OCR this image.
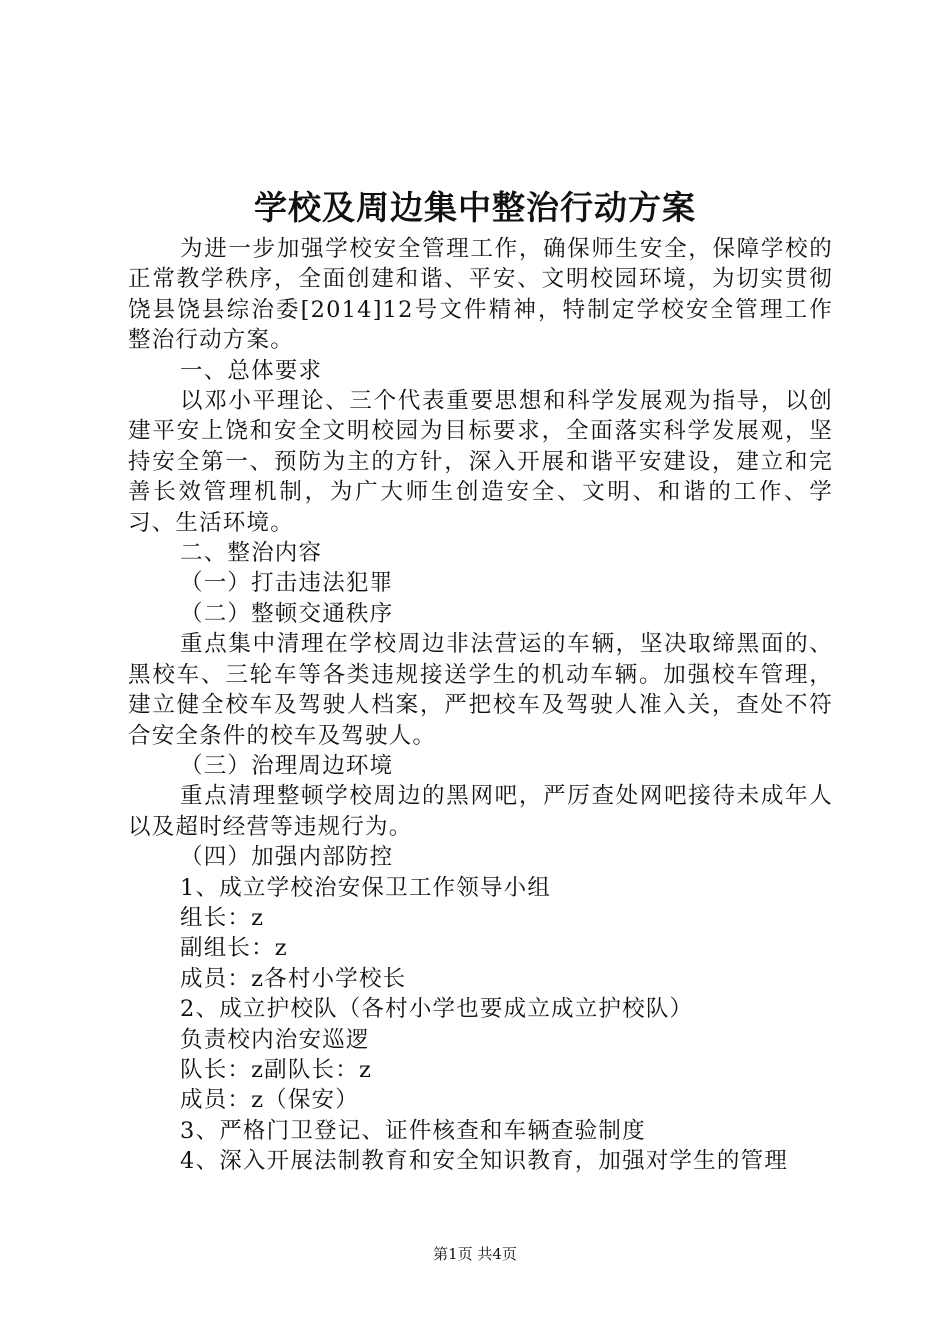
学校及周边集中整治行动方案

为进一步加强学校安全管理工作，确保师生安全，保障学校的正常教学秩序，全面创建和谐、平安、文明校园环境，为切实贯彻饶县饶县综治委[2014]12号文件精神，特制定学校安全管理工作整治行动方案。

一、总体要求

以邓小平理论、三个代表重要思想和科学发展观为指导，以创建平安上饶和安全文明校园为目标要求，全面落实科学发展观，坚持安全第一、预防为主的方针，深入开展和谐平安建设，建立和完善长效管理机制，为广大师生创造安全、文明、和谐的工作、学习、生活环境。

二、整治内容

（一）打击违法犯罪

（二）整顿交通秩序

重点集中清理在学校周边非法营运的车辆，坚决取缔黑面的、黑校车、三轮车等各类违规接送学生的机动车辆。加强校车管理，建立健全校车及驾驶人档案，严把校车及驾驶人准入关，查处不符合安全条件的校车及驾驶人。

（三）治理周边环境

重点清理整顿学校周边的黑网吧，严厉查处网吧接待未成年人以及超时经营等违规行为。

（四）加强内部防控

1、成立学校治安保卫工作领导小组

组长：z

副组长：z

成员：z各村小学校长

2、成立护校队（各村小学也要成立成立护校队）

负责校内治安巡逻

队长：z副队长：z

成员：z（保安）

3、严格门卫登记、证件核查和车辆查验制度

4、深入开展法制教育和安全知识教育，加强对学生的管理

第1页 共4页
